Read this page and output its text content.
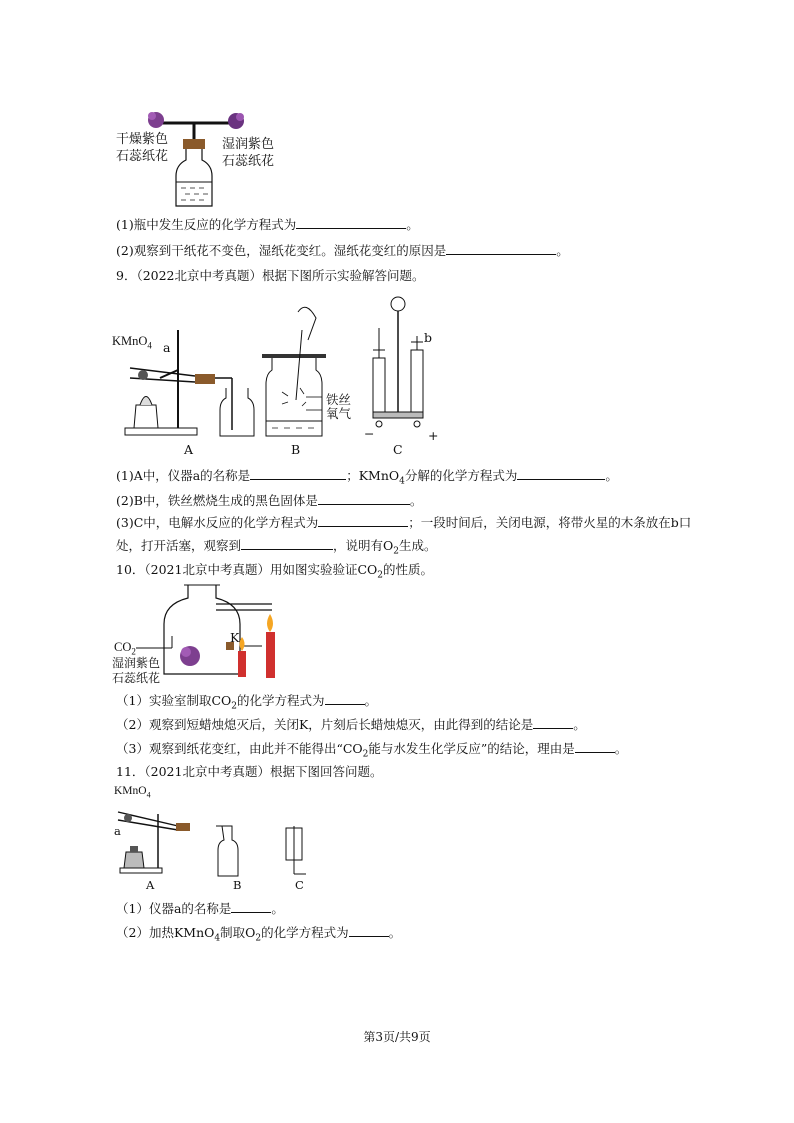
干燥紫色
石蕊纸花
湿润紫色
石蕊纸花
(1)瓶中发生反应的化学方程式为	。
(2)观察到干纸花不变色，湿纸花变红。湿纸花变红的原因是	。
9．（2022北京中考真题）根据下图所示实验解答问题。
KMnO$_4$ a
A	B	C
铁丝
氧气
b
−	+
(1)A中，仪器a的名称是	；KMnO$_4$分解的化学方程式为	。
(2)B中，铁丝燃烧生成的黑色固体是	。
(3)C中，电解水反应的化学方程式为	；一段时间后，关闭电源，将带火星的木条放在b口
处，打开活塞，观察到	，说明有$O_2$生成。
10．（2021北京中考真题）用如图实验验证$CO_2$的性质。
$CO_2$
K
湿润紫色
石蕊纸花
（1）实验室制取$CO_2$的化学方程式为	。
（2）观察到短蜡烛熄灭后，关闭K，片刻后长蜡烛熄灭，由此得到的结论是	。
（3）观察到纸花变红，由此并不能得出“$CO_2$能与水发生化学反应”的结论，理由是	。
11．（2021北京中考真题）根据下图回答问题。
KMnO$_4$
a
A	B	C
（1）仪器a的名称是	。
（2）加热KMnO$_4$制取$O_2$的化学方程式为	。
第3页/共9页
